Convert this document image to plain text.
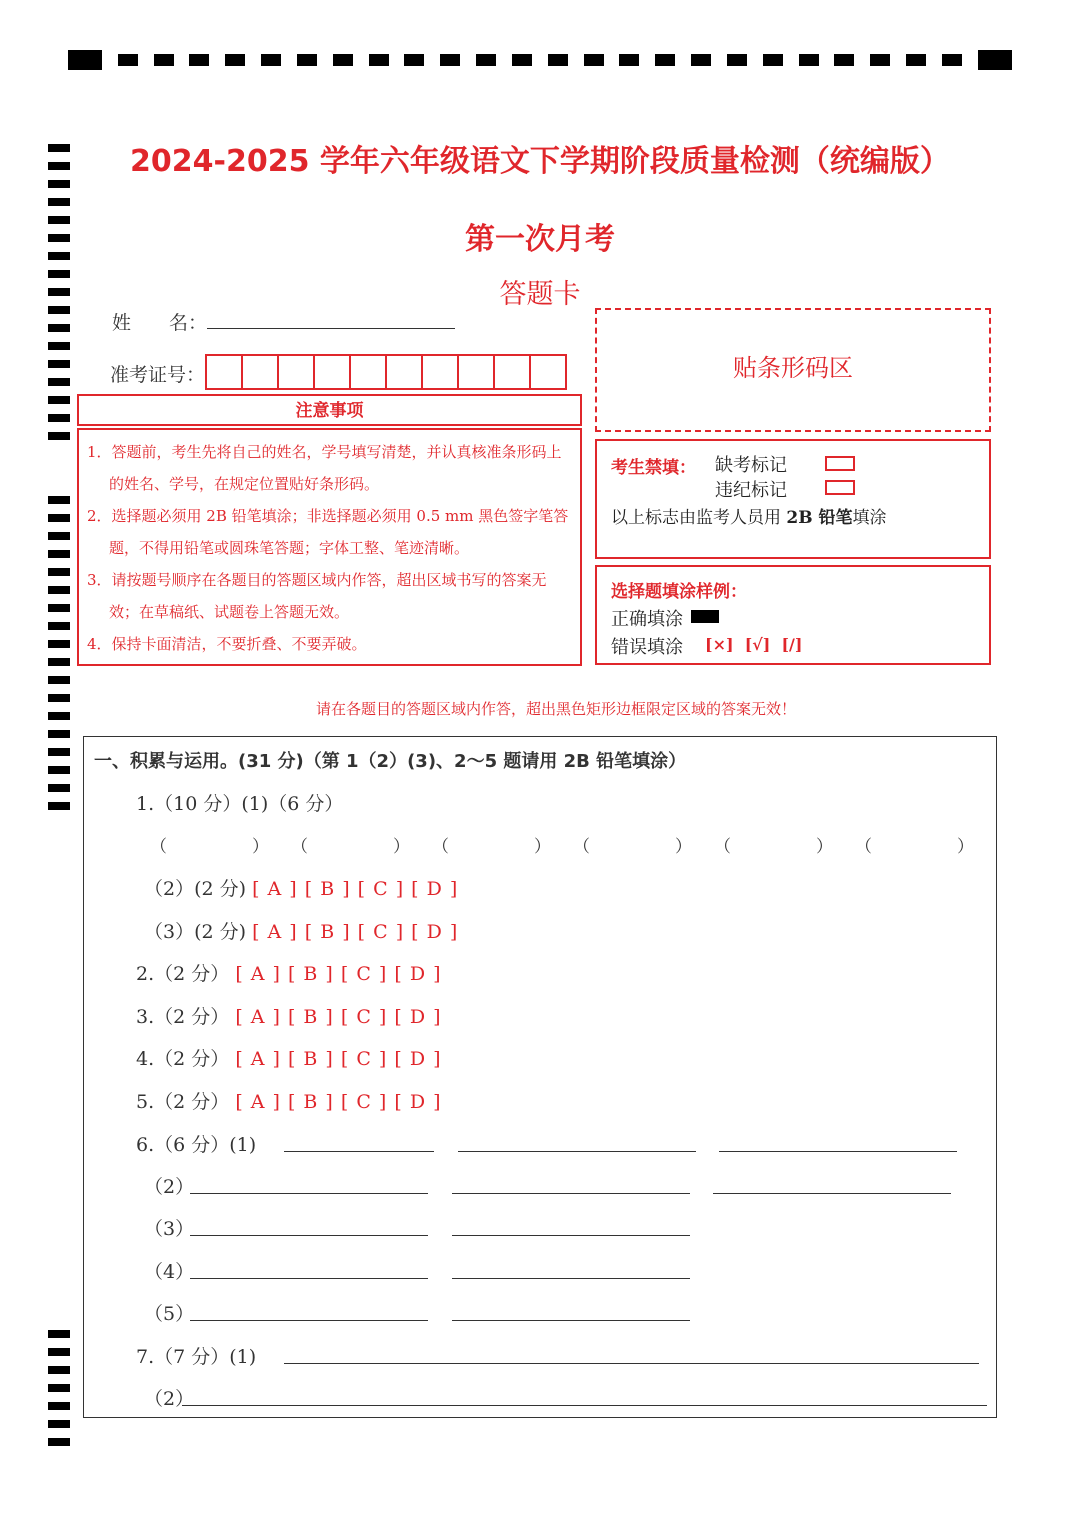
2024-2025 学年六年级语文下学期阶段质量检测（统编版）
第一次月考
答题卡
姓　　名：
准考证号：
注意事项

1．答题前，考生先将自己的姓名，学号填写清楚，并认真核准条形码上的姓名、学号，在规定位置贴好条形码。

2．选择题必须用 2B 铅笔填涂；非选择题必须用 0.5 mm 黑色签字笔答题，不得用铅笔或圆珠笔答题；字体工整、笔迹清晰。

3．请按题号顺序在各题目的答题区域内作答，超出区域书写的答案无效；在草稿纸、试题卷上答题无效。

4．保持卡面清洁，不要折叠、不要弄破。

贴条形码区
考生禁填： 缺考标记
违纪标记
以上标志由监考人员用 2B 铅笔填涂
选择题填涂样例：
正确填涂
错误填涂 [×]  [√]  [/]
请在各题目的答题区域内作答，超出黑色矩形边框限定区域的答案无效！
一、积累与运用。(31 分)（第 1（2）(3)、2～5 题请用 2B 铅笔填涂）
1.（10 分）(1)（6 分）
（　　　　　） （　　　　　） （　　　　　） （　　　　　） （　　　　　） （　　　　　）
（2）(2 分) [ A ] [ B ] [ C ] [ D ]
（3）(2 分) [ A ] [ B ] [ C ] [ D ]
2.（2 分） [ A ] [ B ] [ C ] [ D ]
3.（2 分） [ A ] [ B ] [ C ] [ D ]
4.（2 分） [ A ] [ B ] [ C ] [ D ]
5.（2 分） [ A ] [ B ] [ C ] [ D ]
6.（6 分）(1)
（2）
（3）
（4）
（5）
7.（7 分）(1)
（2）
